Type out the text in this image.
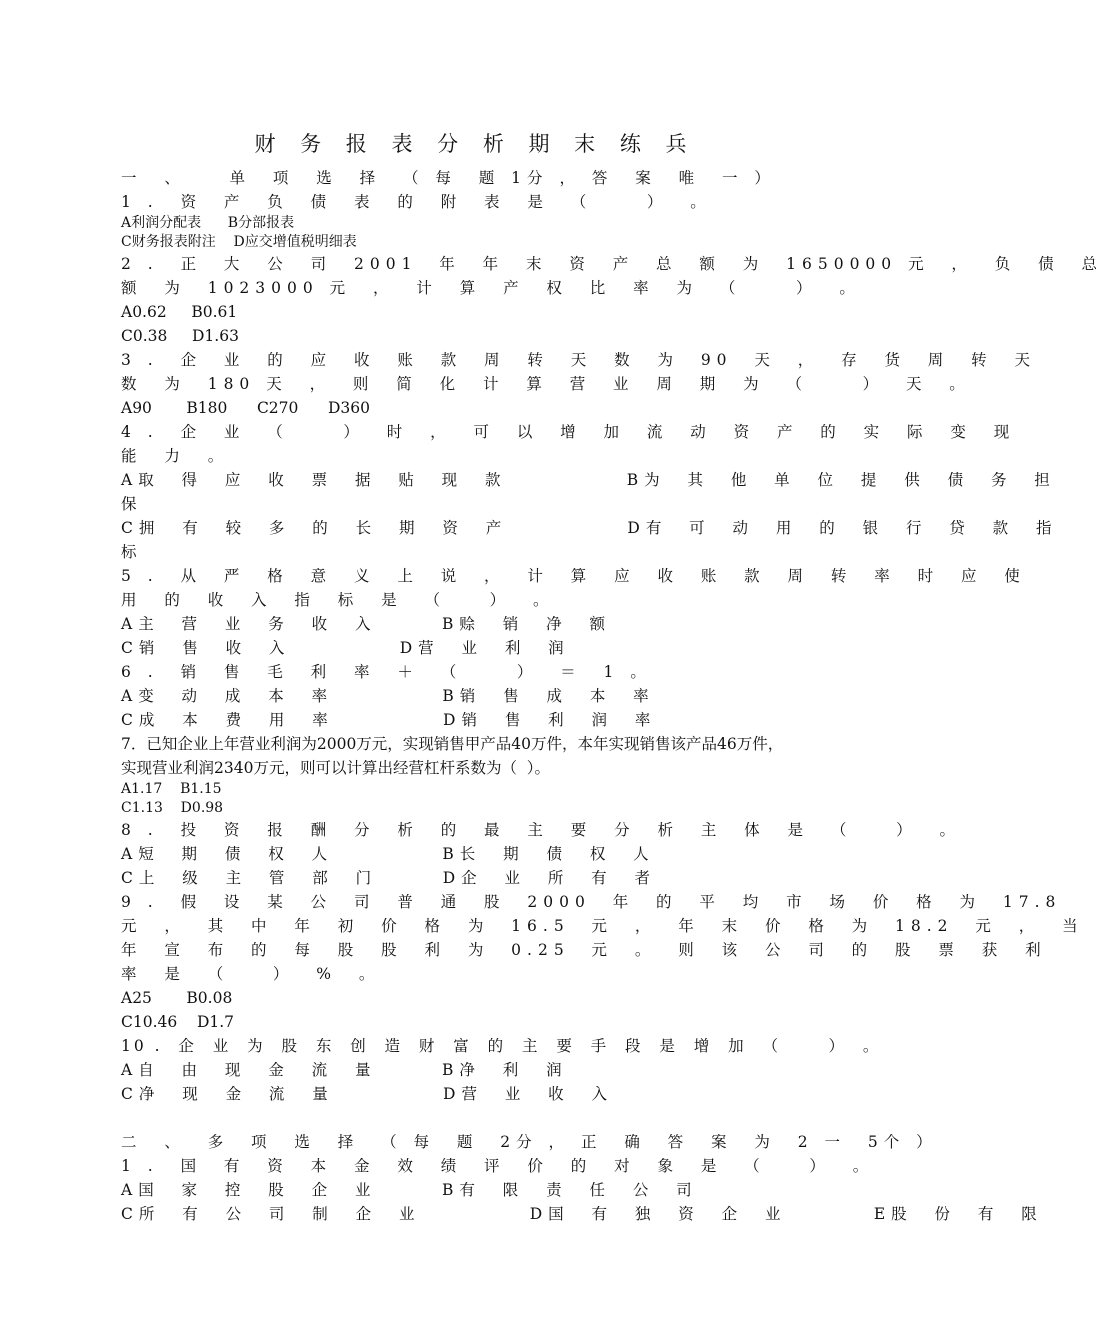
财 务 报 表 分 析 期 末 练 兵
一  、    单  项  选  择  （ 每  题 1分 ， 答  案  唯  一 ）
1 .  资  产  负  债  表  的  附  表  是  （     ）  。
A利润分配表      B分部报表
C财务报表附注    D应交增值税明细表
2 .  正  大  公  司  2001  年  年  末  资  产  总  额  为  1650000 元  ，  负  债  总
额  为  1023000 元  ，  计  算  产  权  比  率  为  （     ）  。
A0.62     B0.61
C0.38     D1.63
3 .  企  业  的  应  收  账  款  周  转  天  数  为  90  天  ，  存  货  周  转  天
数  为  180 天  ，  则  简  化  计  算  营  业  周  期  为  （     ）  天  。
A90       B180      C270      D360
4 .  企  业  （     ）  时  ，  可  以  增  加  流  动  资  产  的  实  际  变  现
能  力  。
A取  得  应  收  票  据  贴  现  款           B为  其  他  单  位  提  供  债  务  担
保
C拥  有  较  多  的  长  期  资  产           D有  可  动  用  的  银  行  贷  款  指
标
5 .  从  严  格  意  义  上  说  ，  计  算  应  收  账  款  周  转  率  时  应  使
用  的  收  入  指  标  是  （    ）  。
A主  营  业  务  收  入      B赊  销  净  额
C销  售  收  入          D营  业  利  润
6 .  销  售  毛  利  率  ＋  （     ）  ＝  1 。
A变  动  成  本  率          B销  售  成  本  率
C成  本  费  用  率          D销  售  利  润  率
7．已知企业上年营业利润为2000万元，实现销售甲产品40万件，本年实现销售该产品46万件，
实现营业利润2340万元，则可以计算出经营杠杆系数为（  ）。
A1.17    B1.15
C1.13    D0.98
8 .  投  资  报  酬  分  析  的  最  主  要  分  析  主  体  是  （    ）  。
A短  期  债  权  人          B长  期  债  权  人
C上  级  主  管  部  门      D企  业  所  有  者
9 .  假  设  某  公  司  普  通  股  2000  年  的  平  均  市  场  价  格  为  17.8
元  ，  其  中  年  初  价  格  为  16.5  元  ，  年  末  价  格  为  18.2  元  ，  当
年  宣  布  的  每  股  股  利  为  0.25  元  。  则  该  公  司  的  股  票  获  利
率  是  （    ）  %  。
A25       B0.08
C10.46    D1.7
10 .  企  业  为  股  东  创  造  财  富  的  主  要  手  段  是  增  加  （      ）  。
A自  由  现  金  流  量      B净  利  润
C净  现  金  流  量          D营  业  收  入
二  、  多  项  选  择  （ 每  题  2分 ， 正  确  答  案  为  2 一  5个 ）
1 .  国  有  资  本  金  效  绩  评  价  的  对  象  是  （    ）  。
A国  家  控  股  企  业      B有  限  责  任  公  司
C所  有  公  司  制  企  业          D国  有  独  资  企  业        E股  份  有  限
